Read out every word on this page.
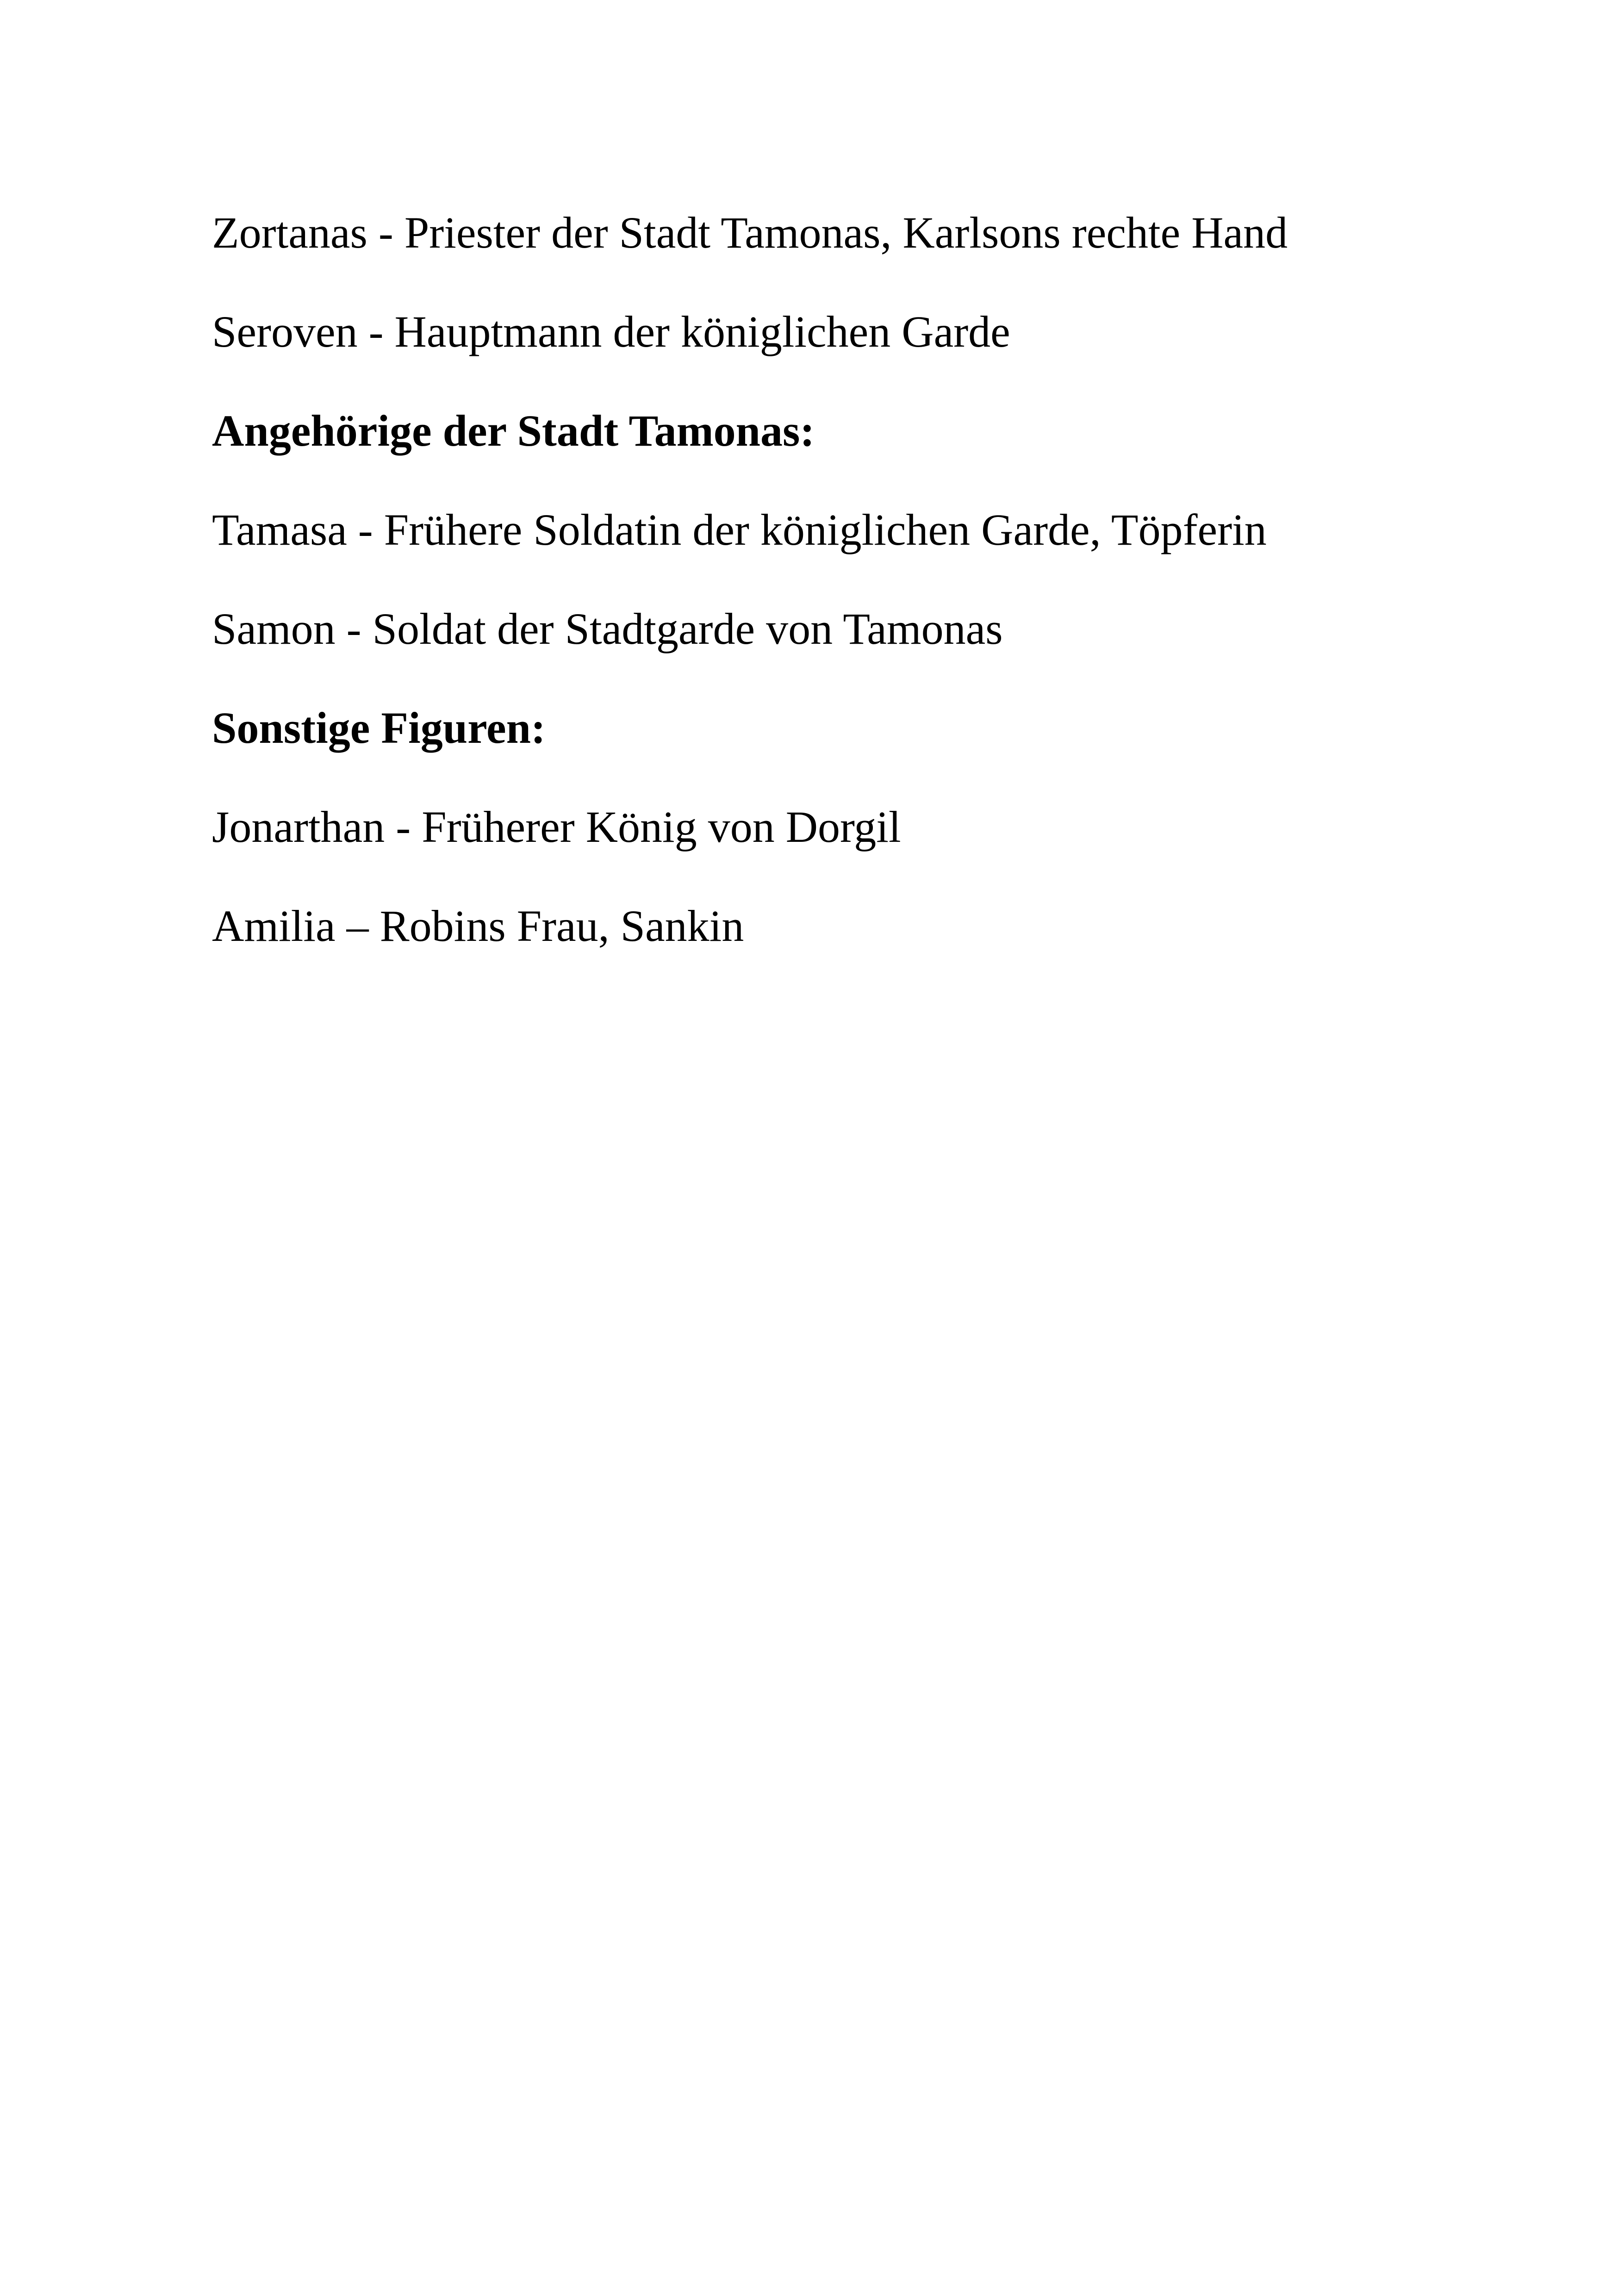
Zortanas - Priester der Stadt Tamonas, Karlsons rechte Hand

Seroven - Hauptmann der königlichen Garde

Angehörige der Stadt Tamonas:

Tamasa - Frühere Soldatin der königlichen Garde, Töpferin

Samon - Soldat der Stadtgarde von Tamonas

Sonstige Figuren:

Jonarthan - Früherer König von Dorgil

Amilia – Robins Frau, Sankin
